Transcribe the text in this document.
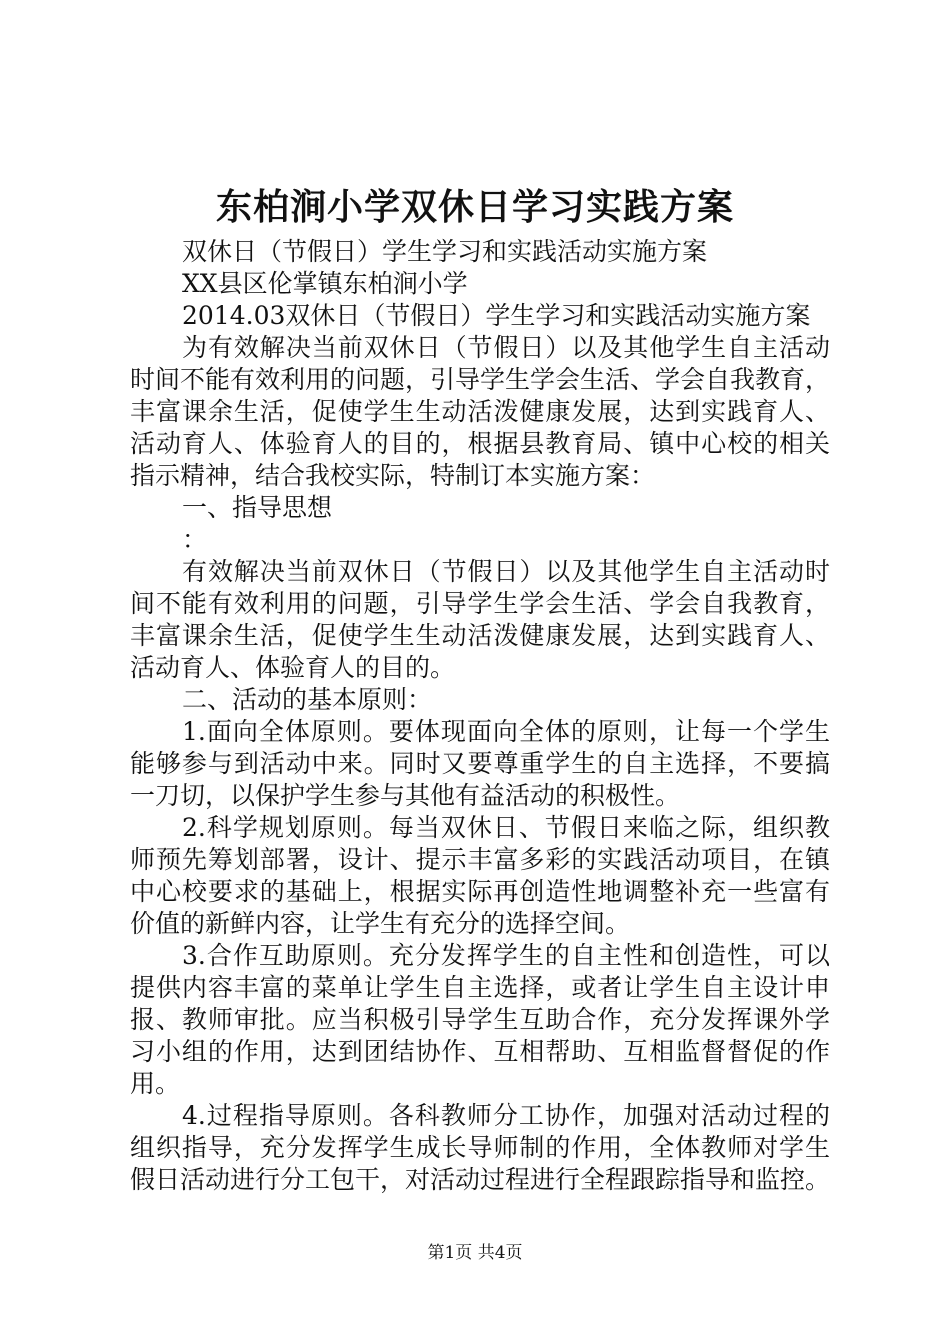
东柏涧小学双休日学习实践方案
双休日（节假日）学生学习和实践活动实施方案
XX县区伦掌镇东柏涧小学
2014.03双休日（节假日）学生学习和实践活动实施方案
为有效解决当前双休日（节假日）以及其他学生自主活动
时间不能有效利用的问题，引导学生学会生活、学会自我教育，
丰富课余生活，促使学生生动活泼健康发展，达到实践育人、
活动育人、体验育人的目的，根据县教育局、镇中心校的相关
指示精神，结合我校实际，特制订本实施方案：
一、指导思想
：
有效解决当前双休日（节假日）以及其他学生自主活动时
间不能有效利用的问题，引导学生学会生活、学会自我教育，
丰富课余生活，促使学生生动活泼健康发展，达到实践育人、
活动育人、体验育人的目的。
二、活动的基本原则：
1.面向全体原则。要体现面向全体的原则，让每一个学生
能够参与到活动中来。同时又要尊重学生的自主选择，不要搞
一刀切，以保护学生参与其他有益活动的积极性。
2.科学规划原则。每当双休日、节假日来临之际，组织教
师预先筹划部署，设计、提示丰富多彩的实践活动项目，在镇
中心校要求的基础上，根据实际再创造性地调整补充一些富有
价值的新鲜内容，让学生有充分的选择空间。
3.合作互助原则。充分发挥学生的自主性和创造性，可以
提供内容丰富的菜单让学生自主选择，或者让学生自主设计申
报、教师审批。应当积极引导学生互助合作，充分发挥课外学
习小组的作用，达到团结协作、互相帮助、互相监督督促的作
用。
4.过程指导原则。各科教师分工协作，加强对活动过程的
组织指导，充分发挥学生成长导师制的作用，全体教师对学生
假日活动进行分工包干，对活动过程进行全程跟踪指导和监控。
第1页 共4页
